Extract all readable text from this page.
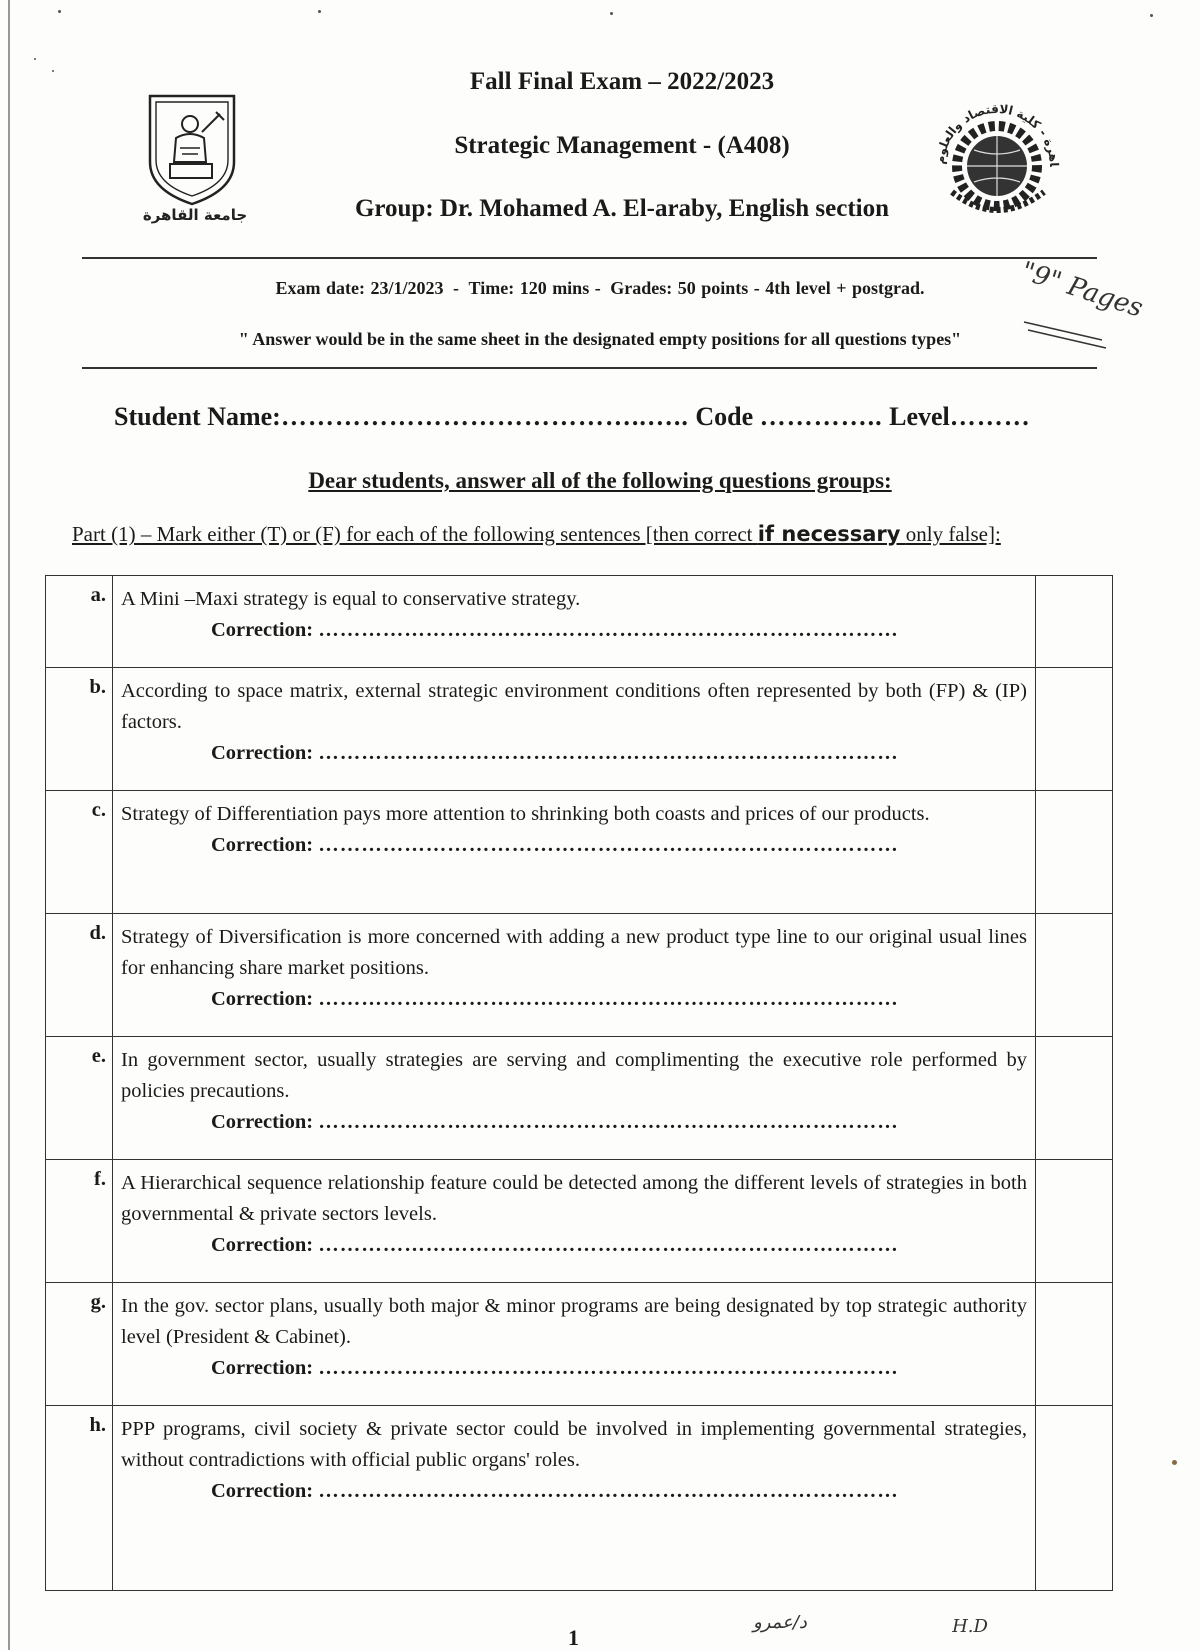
جامعة القاهرة
اهرة - كلية الاقتصاد والعلوم
Fall Final Exam – 2022/2023
Strategic Management - (A408)
Group: Dr. Mohamed A. El-araby, English section
Exam date: 23/1/2023 - Time: 120 mins - Grades: 50 points - 4th level + postgrad.
" Answer would be in the same sheet in the designated empty positions for all questions types"
"9" Pages
Student Name:…………………………………..….. Code ………….. Level………
Dear students, answer all of the following questions groups:
Part (1) – Mark either (T) or (F) for each of the following sentences [then correct if necessary only false]:
a.	A Mini –Maxi strategy is equal to conservative strategy.
Correction: ………………………………………………………………………	

b.	According to space matrix, external strategic environment conditions often represented by both (FP) & (IP) factors.
Correction: ………………………………………………………………………	

c.	Strategy of Differentiation pays more attention to shrinking both coasts and prices of our products.
Correction: ………………………………………………………………………	

d.	Strategy of Diversification is more concerned with adding a new product type line to our original usual lines for enhancing share market positions.
Correction: ………………………………………………………………………	

e.	In government sector, usually strategies are serving and complimenting the executive role performed by policies precautions.
Correction: ………………………………………………………………………	

f.	A Hierarchical sequence relationship feature could be detected among the different levels of strategies in both governmental & private sectors levels.
Correction: ………………………………………………………………………	

g.	In the gov. sector plans, usually both major & minor programs are being designated by top strategic authority level (President & Cabinet).
Correction: ………………………………………………………………………	

h.	PPP programs, civil society & private sector could be involved in implementing governmental strategies, without contradictions with official public organs' roles.
Correction: ………………………………………………………………………	

1
د/عمرو	H.D
